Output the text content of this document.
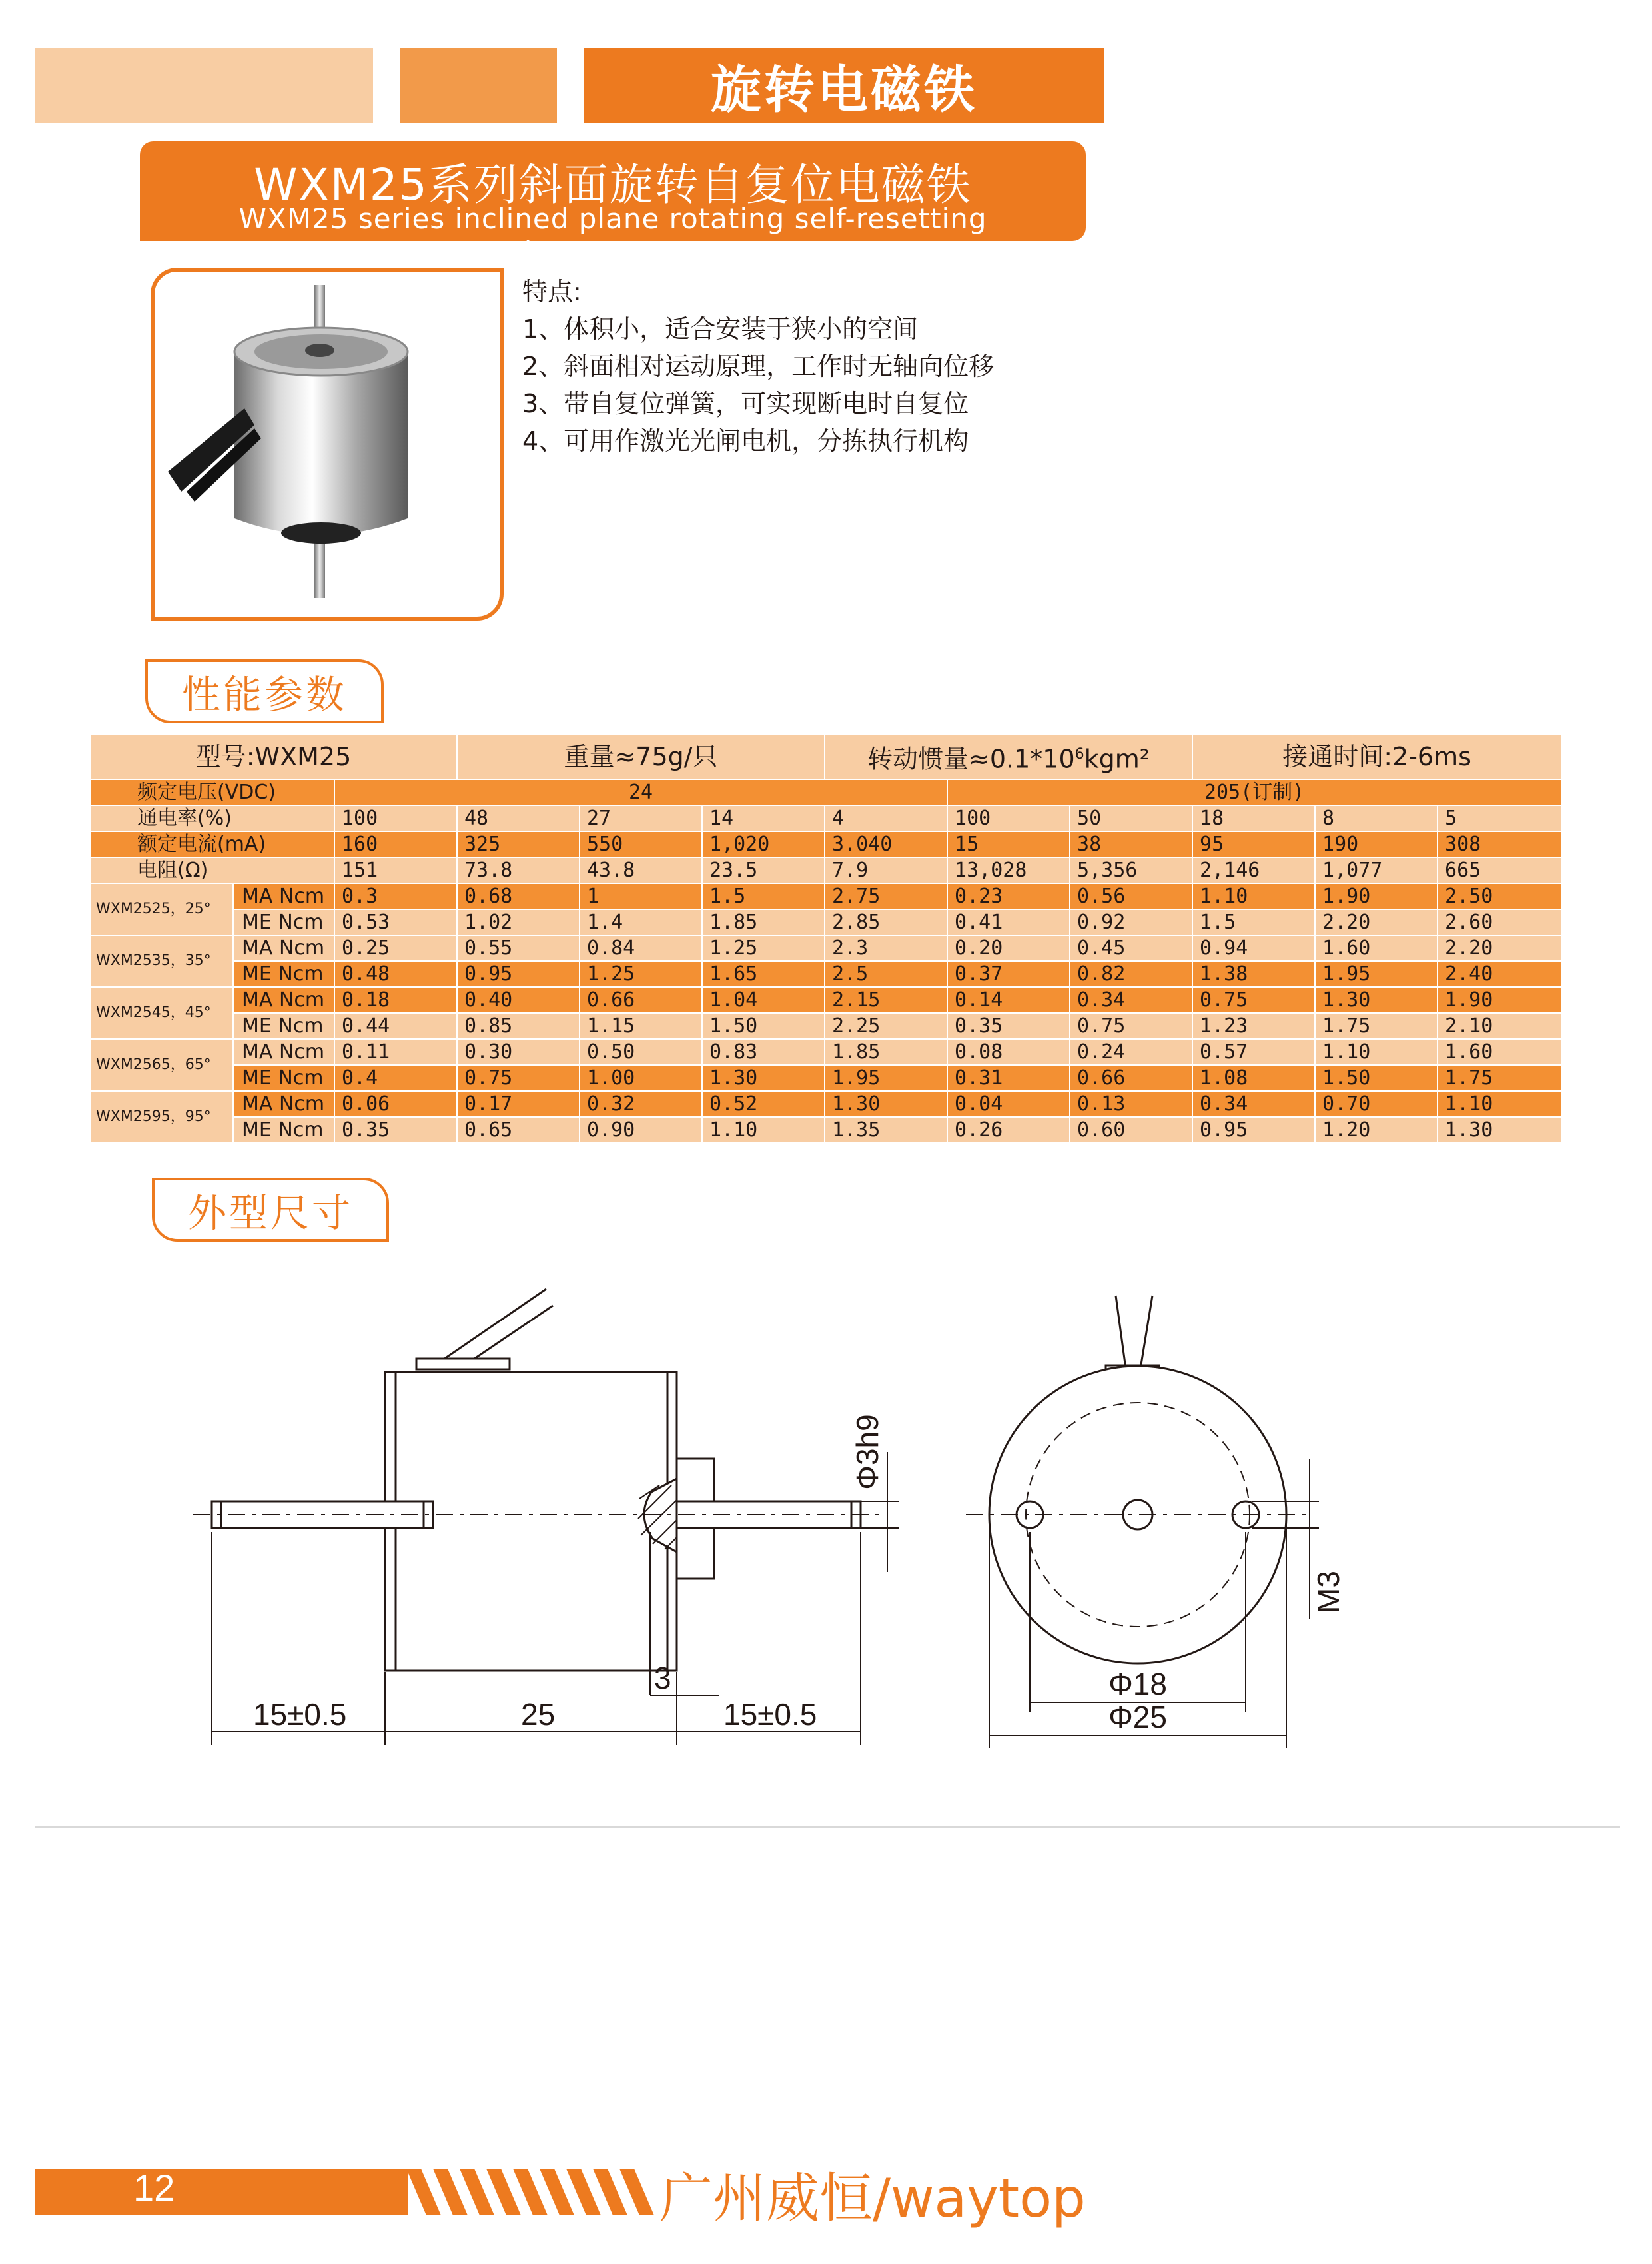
旋转电磁铁
WXM25系列斜面旋转自复位电磁铁
WXM25 series inclined plane rotating self-resetting electromagnet
特点:
1、体积小，适合安装于狭小的空间
2、斜面相对运动原理，工作时无轴向位移
3、带自复位弹簧，可实现断电时自复位
4、可用作激光光闸电机，分拣执行机构
性能参数
型号:WXM25			重量≈75g/只			转动惯量$\approx 0.1*10^6kgm^2$			接通时间:2-6ms		
频定电压(VDC)		24					205(订制)				
通电率(%)		100	48	27	14	4	100	50	18	8	5
额定电流(mA)		160	325	550	1,020	3.040	15	38	95	190	308
电阻(Ω)		151	73.8	43.8	23.5	7.9	13,028	5,356	2,146	1,077	665
WXM2525，25°	MA Ncm	0.3	0.68	1	1.5	2.75	0.23	0.56	1.10	1.90	2.50
	ME Ncm	0.53	1.02	1.4	1.85	2.85	0.41	0.92	1.5	2.20	2.60
WXM2535，35°	MA Ncm	0.25	0.55	0.84	1.25	2.3	0.20	0.45	0.94	1.60	2.20
	ME Ncm	0.48	0.95	1.25	1.65	2.5	0.37	0.82	1.38	1.95	2.40
WXM2545，45°	MA Ncm	0.18	0.40	0.66	1.04	2.15	0.14	0.34	0.75	1.30	1.90
	ME Ncm	0.44	0.85	1.15	1.50	2.25	0.35	0.75	1.23	1.75	2.10
WXM2565，65°	MA Ncm	0.11	0.30	0.50	0.83	1.85	0.08	0.24	0.57	1.10	1.60
	ME Ncm	0.4	0.75	1.00	1.30	1.95	0.31	0.66	1.08	1.50	1.75
WXM2595，95°	MA Ncm	0.06	0.17	0.32	0.52	1.30	0.04	0.13	0.34	0.70	1.10
	ME Ncm	0.35	0.65	0.90	1.10	1.35	0.26	0.60	0.95	1.20	1.30
外型尺寸
15±0.5	25	15±0.5
3
Φ3h9
Φ18
Φ25
M3
12	广州威恒/waytop
